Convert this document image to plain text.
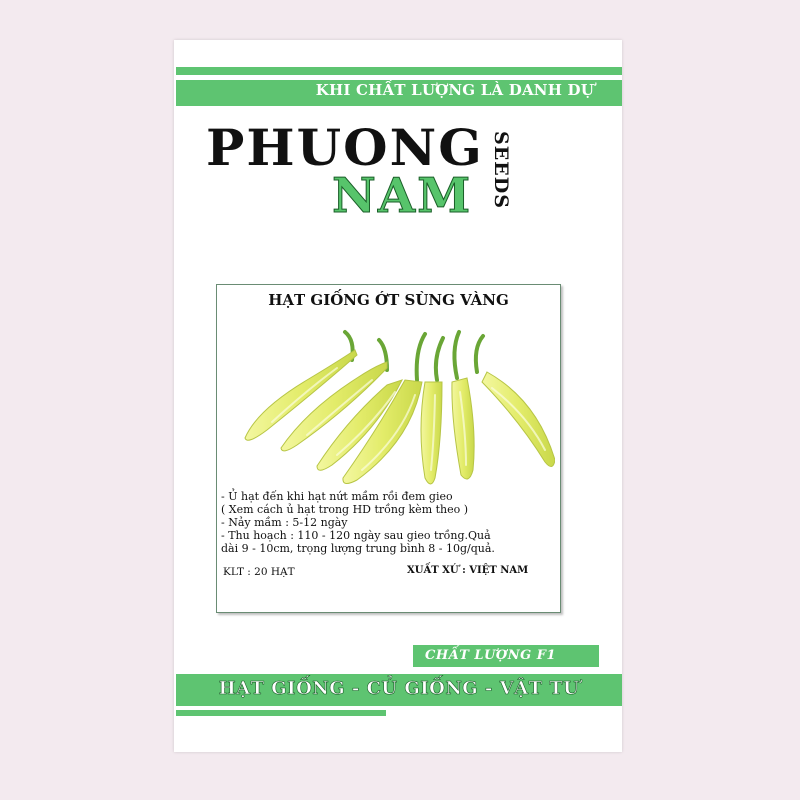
KHI CHẤT LƯỢNG LÀ DANH DỰ
PHUONG
NAM SEEDS
HẠT GIỐNG ỚT SÙNG VÀNG
- Ủ hạt đến khi hạt nứt mầm rồi đem gieo
( Xem cách ủ hạt trong HD trồng kèm theo )
- Nảy mầm : 5-12 ngày
- Thu hoạch : 110 - 120 ngày sau gieo trồng.Quả
dài 9 - 10cm, trọng lượng trung bình 8 - 10g/quả.
KLT : 20 HẠT	XUẤT XỨ : VIỆT NAM
CHẤT LƯỢNG F1
HẠT GIỐNG - CỦ GIỐNG - VẬT TƯ
